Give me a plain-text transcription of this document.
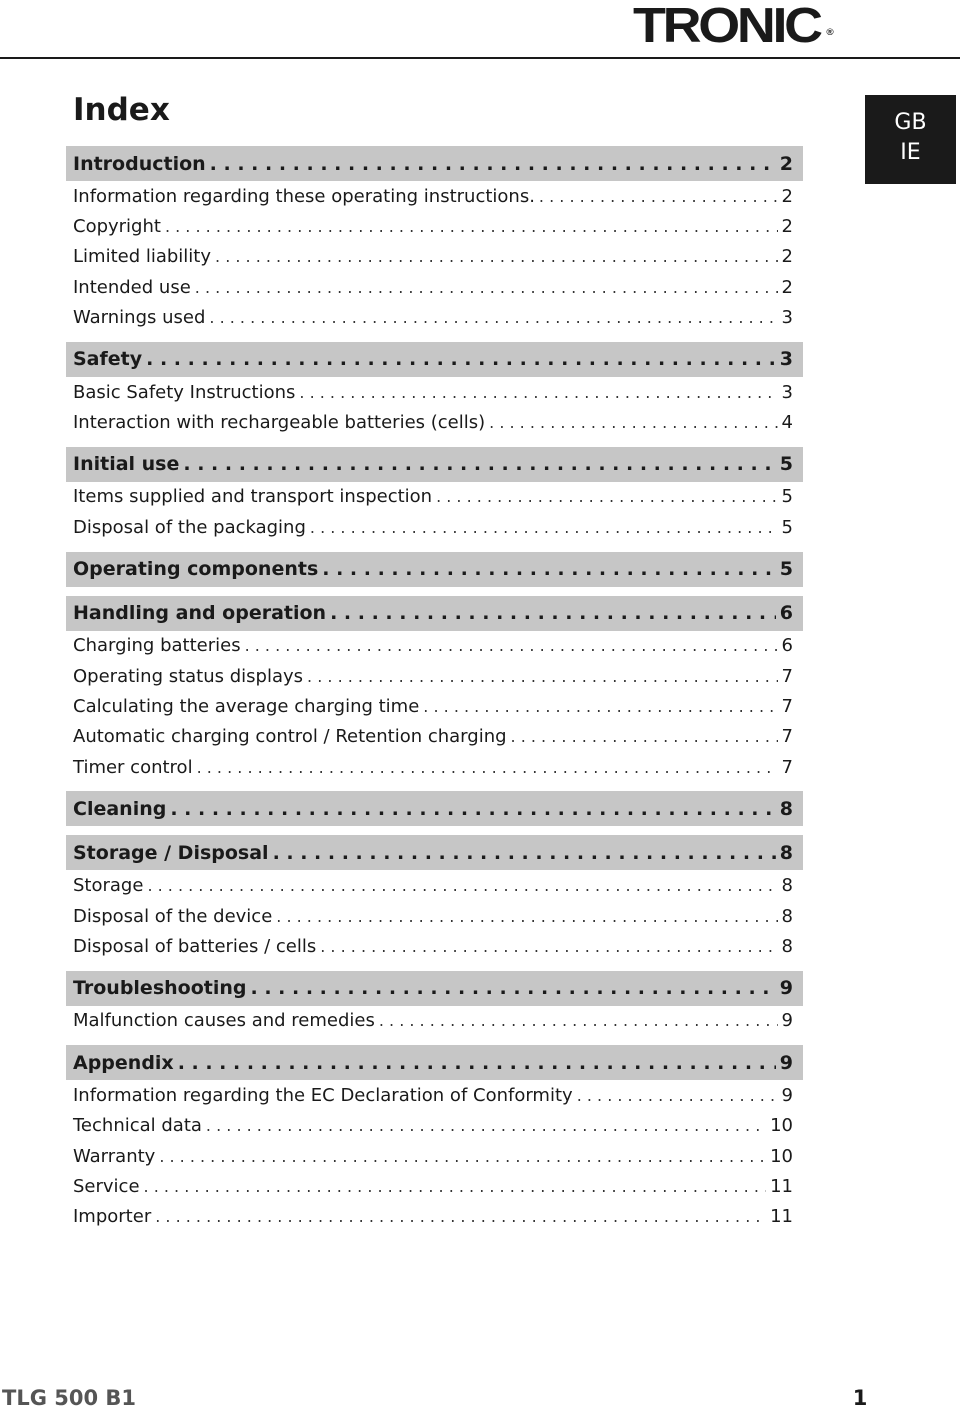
TRONIC ®
GB
IE
Index
Introduction . . .	2
Information regarding these operating instructions. . . .	2
Copyright . . .	2
Limited liability . . .	2
Intended use . . .	2
Warnings used . . .	3
Safety . . .	3
Basic Safety Instructions . . .	3
Interaction with rechargeable batteries (cells) . . .	4
Initial use . . .	5
Items supplied and transport inspection . . .	5
Disposal of the packaging . . .	5
Operating components . . .	5
Handling and operation . . .	6
Charging batteries . . .	6
Operating status displays . . .	7
Calculating the average charging time . . .	7
Automatic charging control / Retention charging . . .	7
Timer control . . .	7
Cleaning . . .	8
Storage / Disposal . . .	8
Storage . . .	8
Disposal of the device . . .	8
Disposal of batteries / cells . . .	8
Troubleshooting . . .	9
Malfunction causes and remedies . . .	9
Appendix . . .	9
Information regarding the EC Declaration of Conformity . . .	9
Technical data . . .	10
Warranty . . .	10
Service . . .	11
Importer . . .	11
TLG 500 B1	1
